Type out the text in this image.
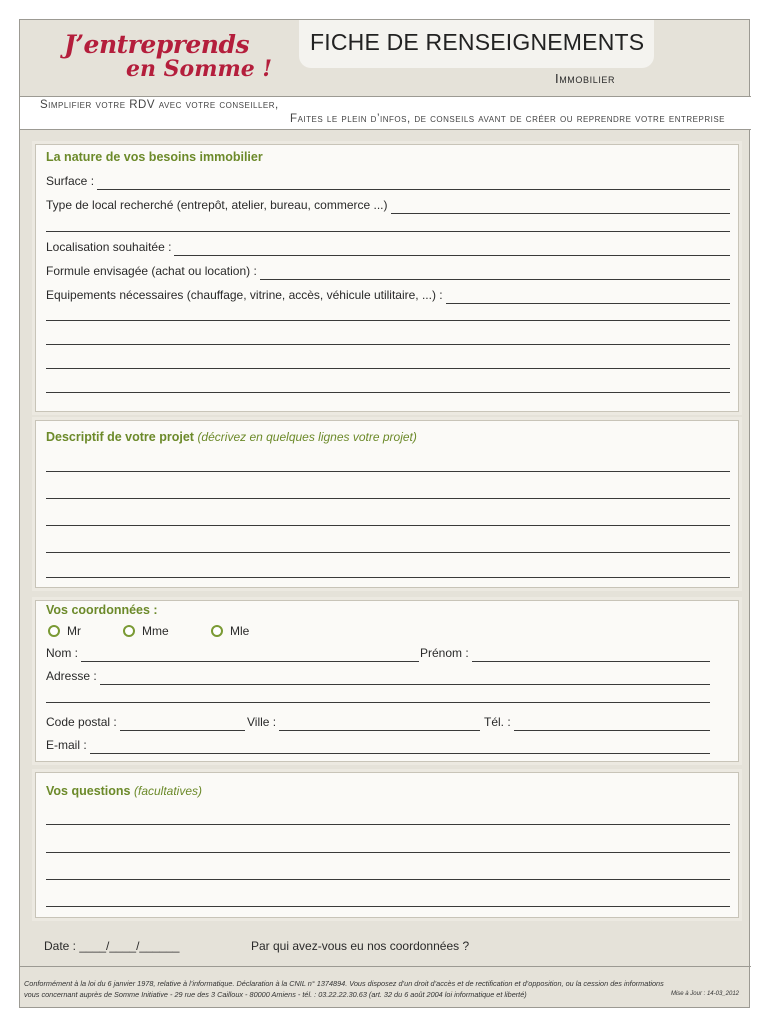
J’entreprends
en Somme !
FICHE DE RENSEIGNEMENTS
Immobilier
Simplifier votre RDV avec votre conseiller,
Faites le plein d’infos, de conseils avant de créer ou reprendre votre entreprise
La nature de vos besoins immobilier
Surface :
Type de local recherché (entrepôt, atelier, bureau, commerce ...)
Localisation souhaitée :
Formule envisagée (achat ou location) :
Equipements nécessaires (chauffage, vitrine, accès, véhicule utilitaire, ...) :
Descriptif de votre projet (décrivez en quelques lignes votre projet)
Vos coordonnées :
Mr	Mme	Mle
Nom :	Prénom :
Adresse :
Code postal :	Ville :	Tél. :
E-mail :
Vos questions (facultatives)
Date : ____/____/______	Par qui avez-vous eu nos coordonnées ?
Conformément à la loi du 6 janvier 1978, relative à l’informatique. Déclaration à la CNIL n° 1374894. Vous disposez d’un droit d’accès et de rectification et d’opposition, ou la cession des informations
vous concernant auprès de Somme Initiative - 29 rue des 3 Cailloux - 80000 Amiens - tél. : 03.22.22.30.63 (art. 32 du 6 août 2004 loi informatique et liberté)	Mise à Jour : 14-03_2012
